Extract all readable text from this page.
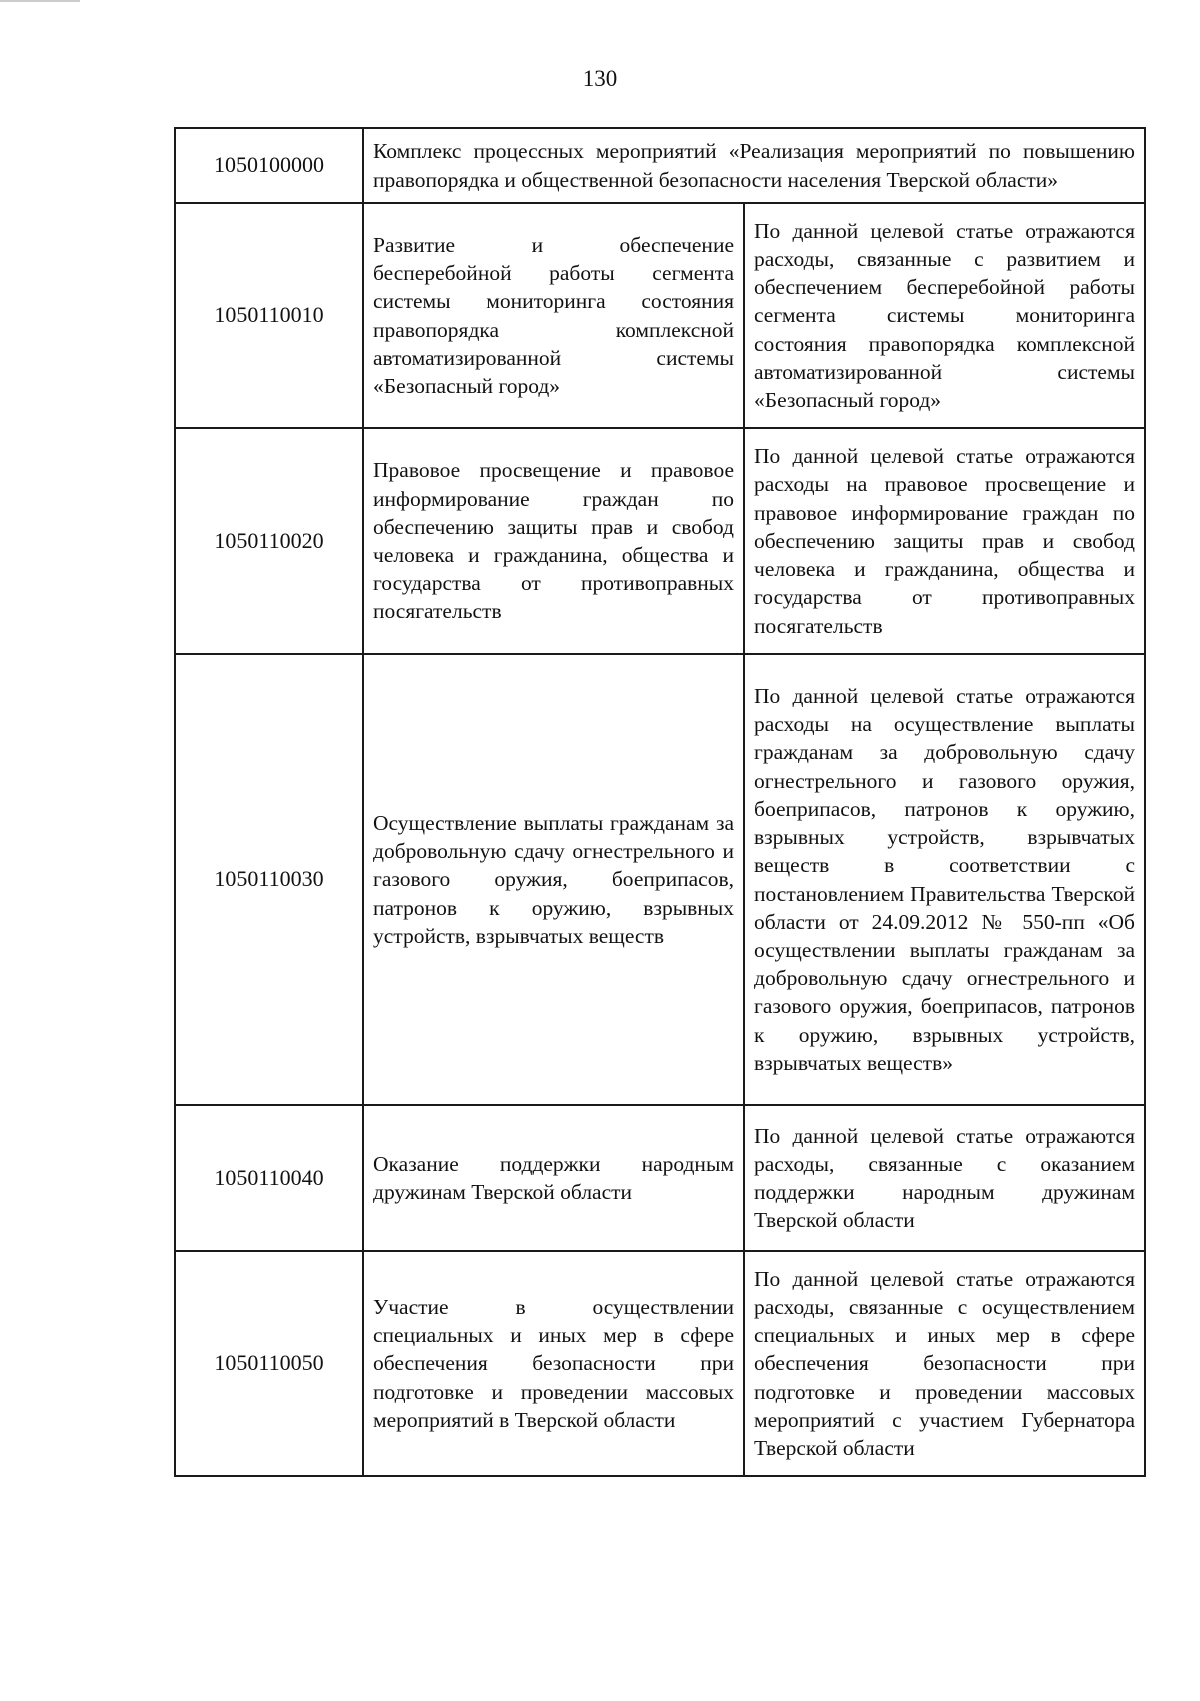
130
1050100000	Комплекс процессных мероприятий «Реализация мероприятий по повышению правопорядка и общественной безопасности населения Тверской области»	
1050110010	Развитие и обеспечение бесперебойной работы сегмента системы мониторинга состояния правопорядка комплексной автоматизированной системы «Безопасный город»	По данной целевой статье отражаются расходы, связанные с развитием и обеспечением бесперебойной работы сегмента системы мониторинга состояния правопорядка комплексной автоматизированной системы «Безопасный город»
1050110020	Правовое просвещение и правовое информирование граждан по обеспечению защиты прав и свобод человека и гражданина, общества и государства от противоправных посягательств	По данной целевой статье отражаются расходы на правовое просвещение и правовое информирование граждан по обеспечению защиты прав и свобод человека и гражданина, общества и государства от противоправных посягательств
1050110030	Осуществление выплаты гражданам за добровольную сдачу огнестрельного и газового оружия, боеприпасов, патронов к оружию, взрывных устройств, взрывчатых веществ	По данной целевой статье отражаются расходы на осуществление выплаты гражданам за добровольную сдачу огнестрельного и газового оружия, боеприпасов, патронов к оружию, взрывных устройств, взрывчатых веществ в соответствии с постановлением Правительства Тверской области от 24.09.2012 № 550-пп «Об осуществлении выплаты гражданам за добровольную сдачу огнестрельного и газового оружия, боеприпасов, патронов к оружию, взрывных устройств, взрывчатых веществ»
1050110040	Оказание поддержки народным дружинам Тверской области	По данной целевой статье отражаются расходы, связанные с оказанием поддержки народным дружинам Тверской области
1050110050	Участие в осуществлении специальных и иных мер в сфере обеспечения безопасности при подготовке и проведении массовых мероприятий в Тверской области	По данной целевой статье отражаются расходы, связанные с осуществлением специальных и иных мер в сфере обеспечения безопасности при подготовке и проведении массовых мероприятий с участием Губернатора Тверской области
